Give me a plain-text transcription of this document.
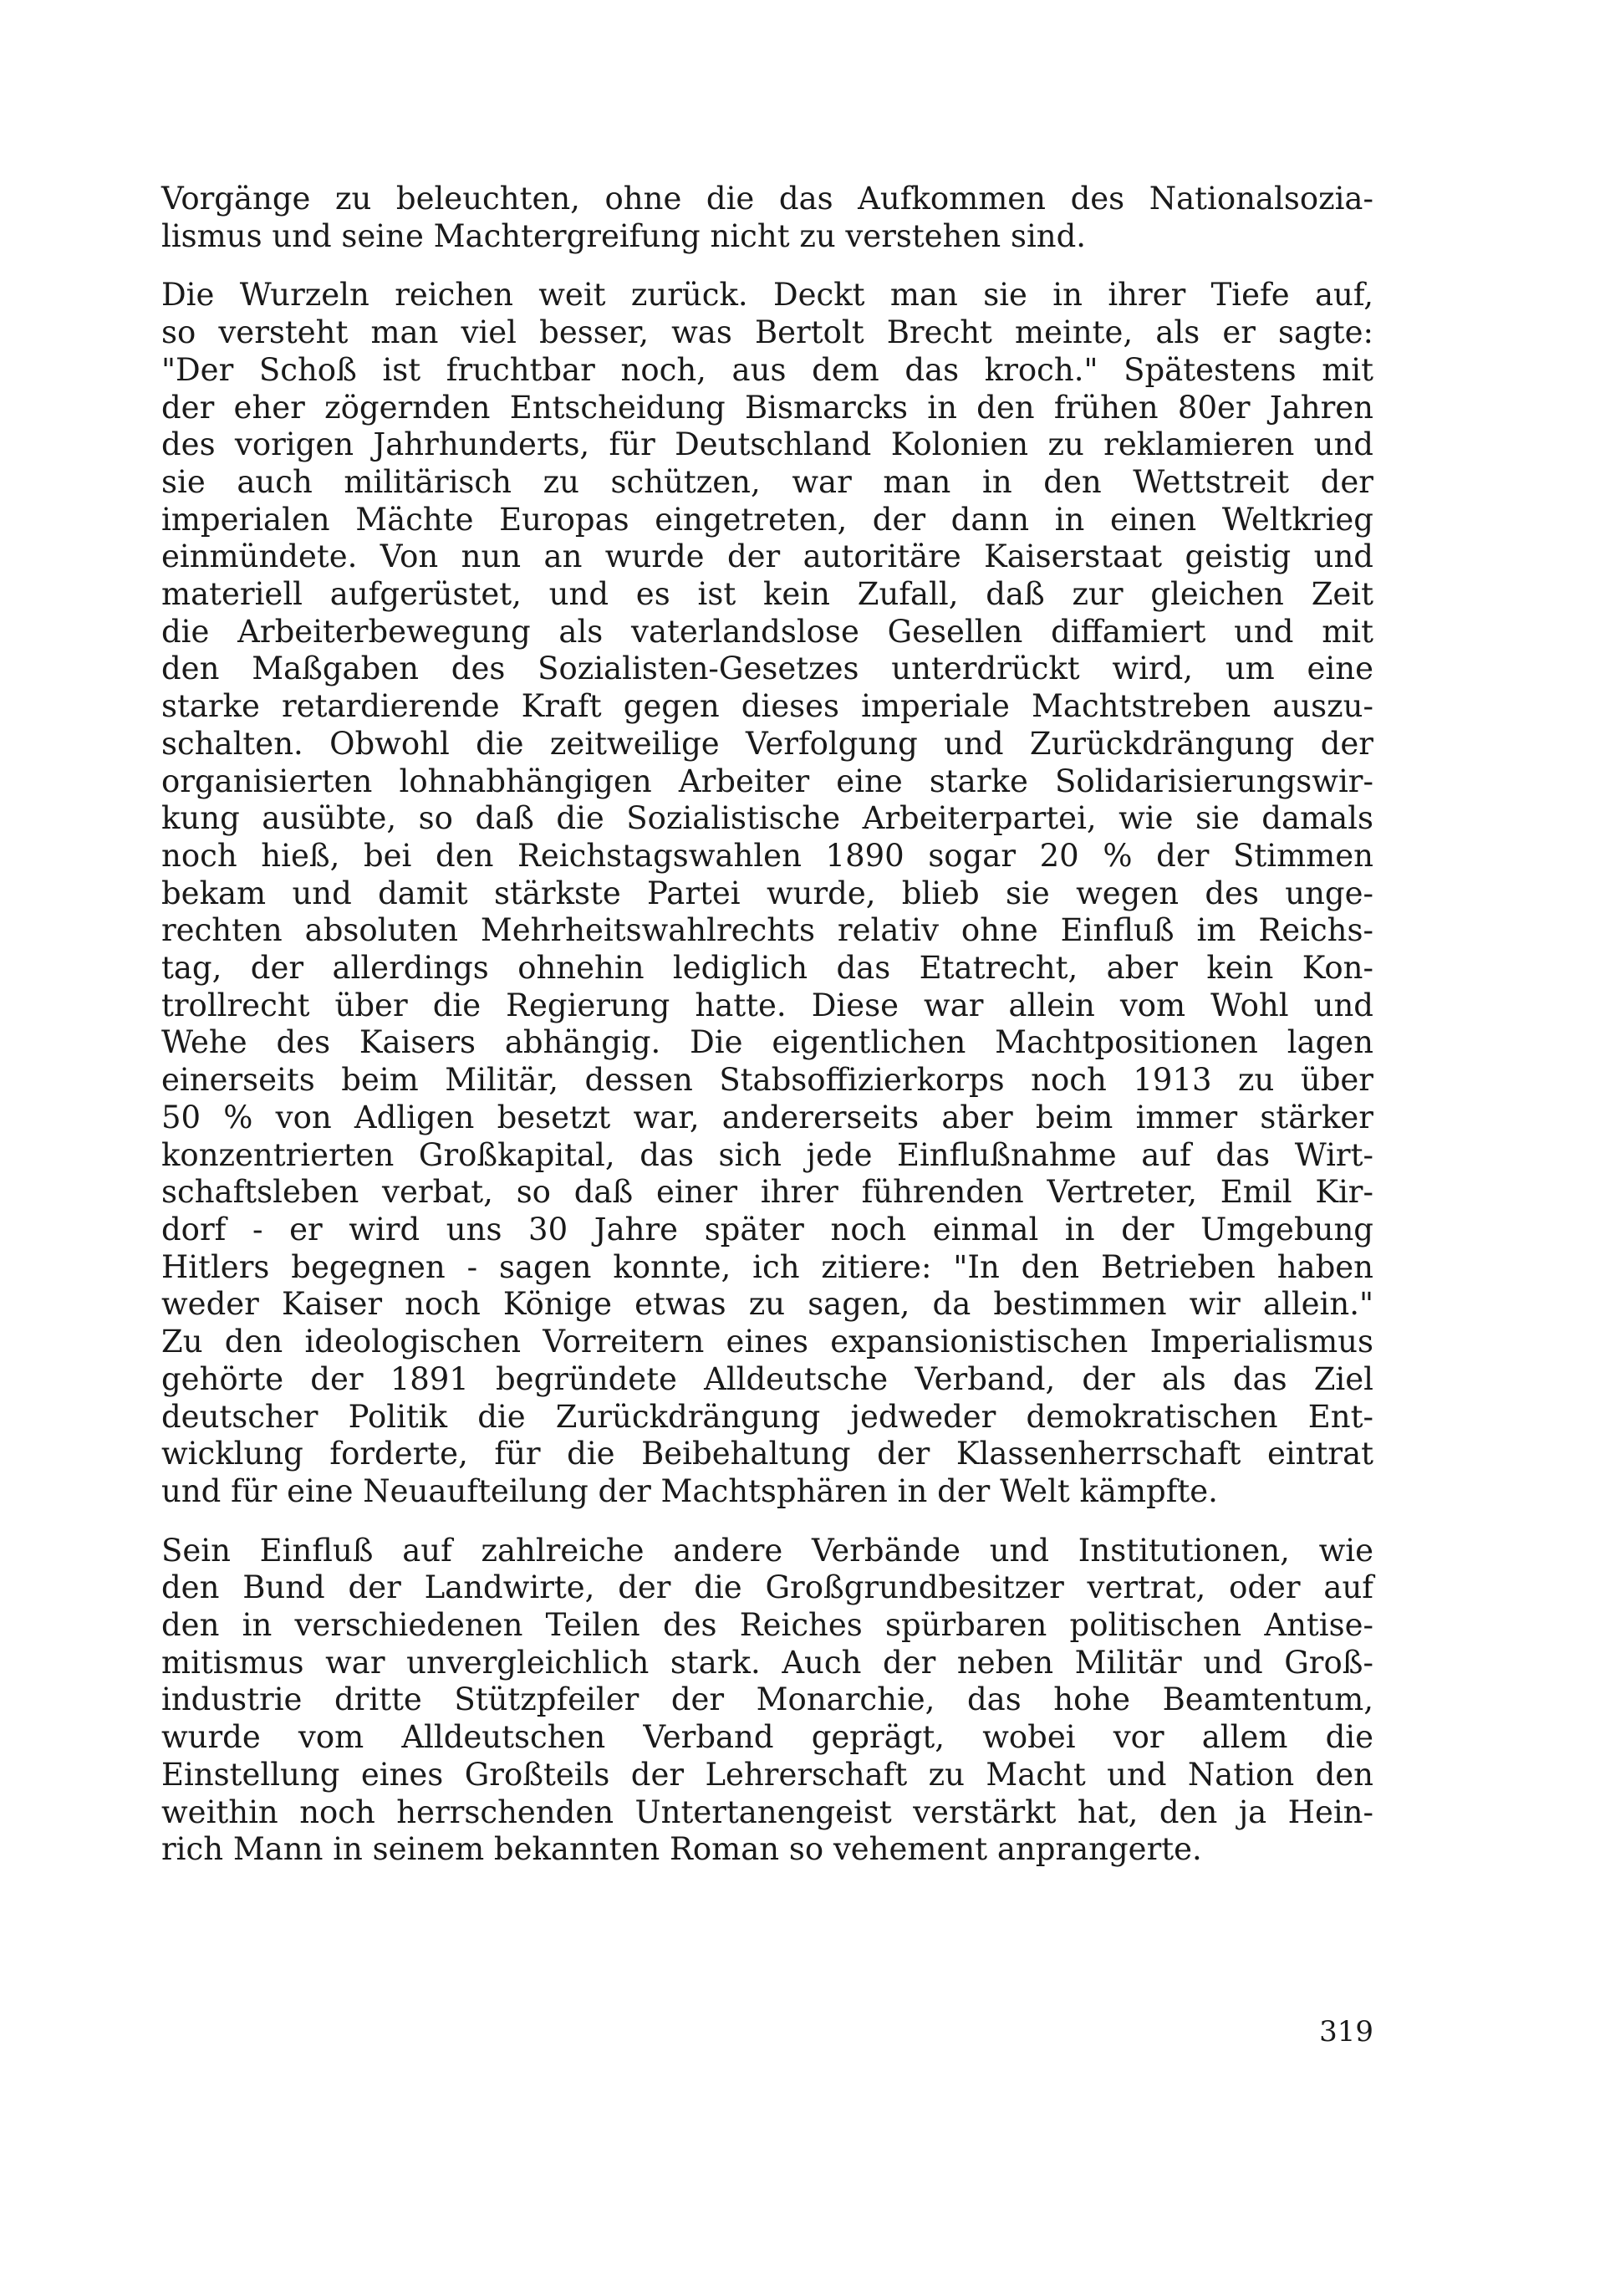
Vorgänge zu beleuchten, ohne die das Aufkommen des Nationalsozia-
lismus und seine Machtergreifung nicht zu verstehen sind.

Die Wurzeln reichen weit zurück. Deckt man sie in ihrer Tiefe auf,
so versteht man viel besser, was Bertolt Brecht meinte, als er sagte:
"Der Schoß ist fruchtbar noch, aus dem das kroch." Spätestens mit
der eher zögernden Entscheidung Bismarcks in den frühen 80er Jahren
des vorigen Jahrhunderts, für Deutschland Kolonien zu reklamieren und
sie auch militärisch zu schützen, war man in den Wettstreit der
imperialen Mächte Europas eingetreten, der dann in einen Weltkrieg
einmündete. Von nun an wurde der autoritäre Kaiserstaat geistig und
materiell aufgerüstet, und es ist kein Zufall, daß zur gleichen Zeit
die Arbeiterbewegung als vaterlandslose Gesellen diffamiert und mit
den Maßgaben des Sozialisten-Gesetzes unterdrückt wird, um eine
starke retardierende Kraft gegen dieses imperiale Machtstreben auszu-
schalten. Obwohl die zeitweilige Verfolgung und Zurückdrängung der
organisierten lohnabhängigen Arbeiter eine starke Solidarisierungswir-
kung ausübte, so daß die Sozialistische Arbeiterpartei, wie sie damals
noch hieß, bei den Reichstagswahlen 1890 sogar 20 % der Stimmen
bekam und damit stärkste Partei wurde, blieb sie wegen des unge-
rechten absoluten Mehrheitswahlrechts relativ ohne Einfluß im Reichs-
tag, der allerdings ohnehin lediglich das Etatrecht, aber kein Kon-
trollrecht über die Regierung hatte. Diese war allein vom Wohl und
Wehe des Kaisers abhängig. Die eigentlichen Machtpositionen lagen
einerseits beim Militär, dessen Stabsoffizierkorps noch 1913 zu über
50 % von Adligen besetzt war, andererseits aber beim immer stärker
konzentrierten Großkapital, das sich jede Einflußnahme auf das Wirt-
schaftsleben verbat, so daß einer ihrer führenden Vertreter, Emil Kir-
dorf - er wird uns 30 Jahre später noch einmal in der Umgebung
Hitlers begegnen - sagen konnte, ich zitiere: "In den Betrieben haben
weder Kaiser noch Könige etwas zu sagen, da bestimmen wir allein."
Zu den ideologischen Vorreitern eines expansionistischen Imperialismus
gehörte der 1891 begründete Alldeutsche Verband, der als das Ziel
deutscher Politik die Zurückdrängung jedweder demokratischen Ent-
wicklung forderte, für die Beibehaltung der Klassenherrschaft eintrat
und für eine Neuaufteilung der Machtsphären in der Welt kämpfte.

Sein Einfluß auf zahlreiche andere Verbände und Institutionen, wie
den Bund der Landwirte, der die Großgrundbesitzer vertrat, oder auf
den in verschiedenen Teilen des Reiches spürbaren politischen Antise-
mitismus war unvergleichlich stark. Auch der neben Militär und Groß-
industrie dritte Stützpfeiler der Monarchie, das hohe Beamtentum,
wurde vom Alldeutschen Verband geprägt, wobei vor allem die
Einstellung eines Großteils der Lehrerschaft zu Macht und Nation den
weithin noch herrschenden Untertanengeist verstärkt hat, den ja Hein-
rich Mann in seinem bekannten Roman so vehement anprangerte.

319
